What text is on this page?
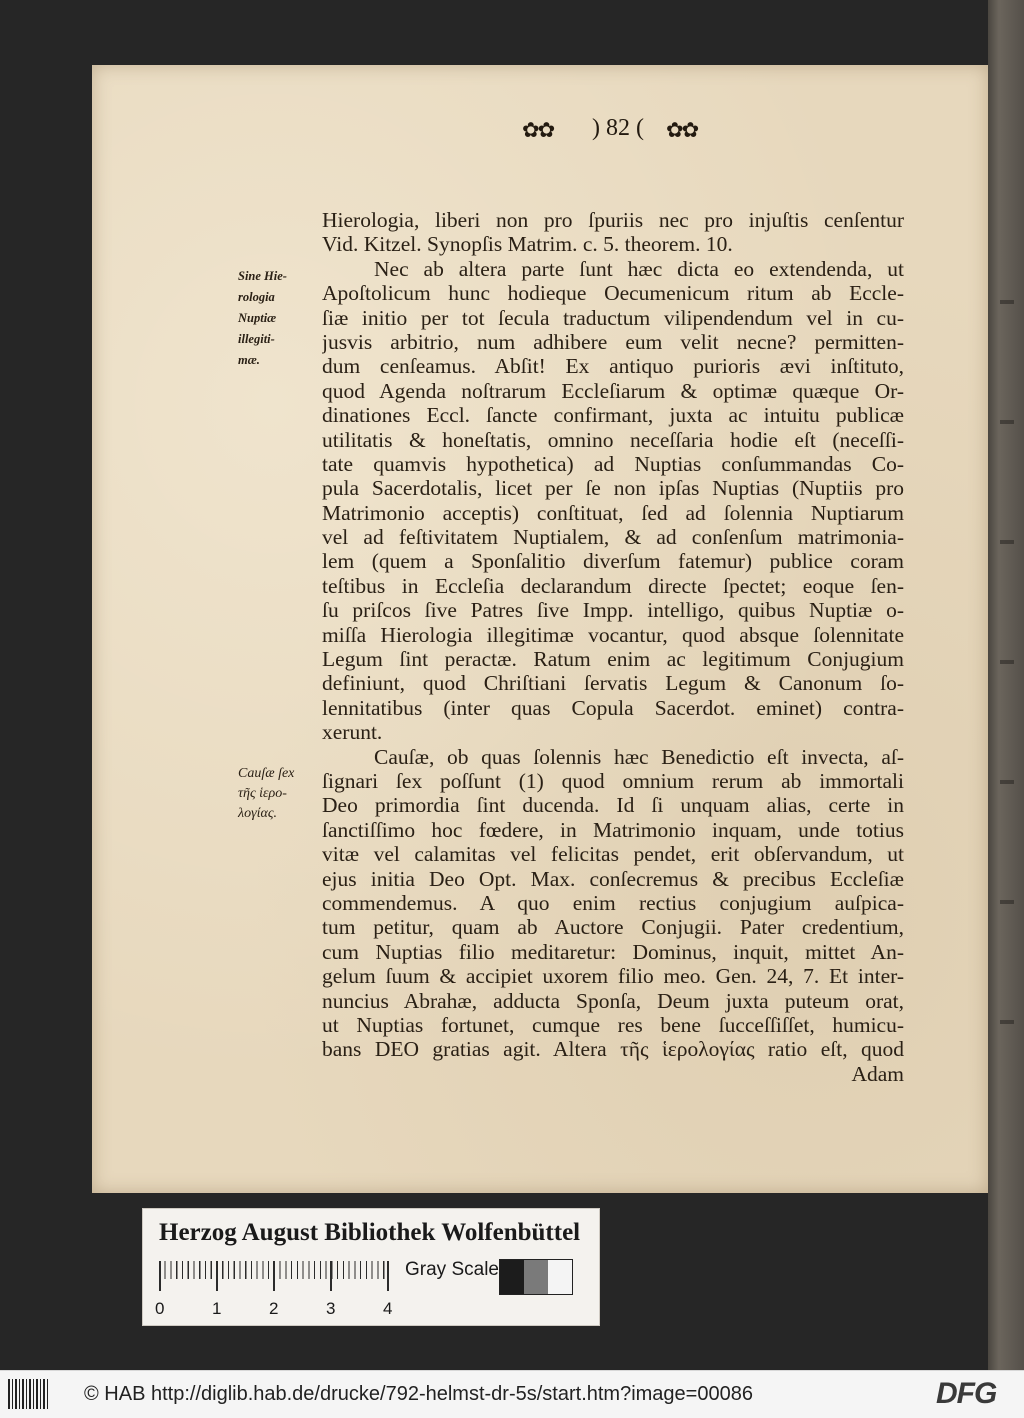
✿✿	) 82 (	✿✿
Sine Hie-
rologia
Nuptiæ
illegiti-
mæ.
Cauſæ ſex
τῆς ἱερο-
λογίας.
Hierologia, liberi non pro ſpuriis nec pro injuſtis cenſentur
Vid. Kitzel. Synopſis Matrim. c. 5. theorem. 10.
Nec ab altera parte ſunt hæc dicta eo extendenda, ut
Apoſtolicum hunc hodieque Oecumenicum ritum ab Eccle-
ſiæ initio per tot ſecula traductum vilipendendum vel in cu-
jusvis arbitrio, num adhibere eum velit necne? permitten-
dum cenſeamus. Abſit! Ex antiquo purioris ævi inſtituto,
quod Agenda noſtrarum Eccleſiarum & optimæ quæque Or-
dinationes Eccl. ſancte confirmant, juxta ac intuitu publicæ
utilitatis & honeſtatis, omnino neceſſaria hodie eſt (neceſſi-
tate quamvis hypothetica) ad Nuptias conſummandas Co-
pula Sacerdotalis, licet per ſe non ipſas Nuptias (Nuptiis pro
Matrimonio acceptis) conſtituat, ſed ad ſolennia Nuptiarum
vel ad feſtivitatem Nuptialem, & ad conſenſum matrimonia-
lem (quem a Sponſalitio diverſum fatemur) publice coram
teſtibus in Eccleſia declarandum directe ſpectet; eoque ſen-
ſu priſcos ſive Patres ſive Impp. intelligo, quibus Nuptiæ o-
miſſa Hierologia illegitimæ vocantur, quod absque ſolennitate
Legum ſint peractæ. Ratum enim ac legitimum Conjugium
definiunt, quod Chriſtiani ſervatis Legum & Canonum ſo-
lennitatibus (inter quas Copula Sacerdot. eminet) contra-
xerunt.
Cauſæ, ob quas ſolennis hæc Benedictio eſt invecta, aſ-
ſignari ſex poſſunt (1) quod omnium rerum ab immortali
Deo primordia ſint ducenda. Id ſi unquam alias, certe in
ſanctiſſimo hoc fœdere, in Matrimonio inquam, unde totius
vitæ vel calamitas vel felicitas pendet, erit obſervandum, ut
ejus initia Deo Opt. Max. conſecremus & precibus Eccleſiæ
commendemus. A quo enim rectius conjugium auſpica-
tum petitur, quam ab Auctore Conjugii. Pater credentium,
cum Nuptias filio meditaretur: Dominus, inquit, mittet An-
gelum ſuum & accipiet uxorem filio meo. Gen. 24, 7. Et inter-
nuncius Abrahæ, adducta Sponſa, Deum juxta puteum orat,
ut Nuptias fortunet, cumque res bene ſucceſſiſſet, humicu-
bans DEO gratias agit. Altera τῆς ἱερολογίας ratio eſt, quod
Adam
Herzog August Bibliothek Wolfenbüttel
0	1	2	3	4
Gray Scale
© HAB http://diglib.hab.de/drucke/792-helmst-dr-5s/start.htm?image=00086	DFG
